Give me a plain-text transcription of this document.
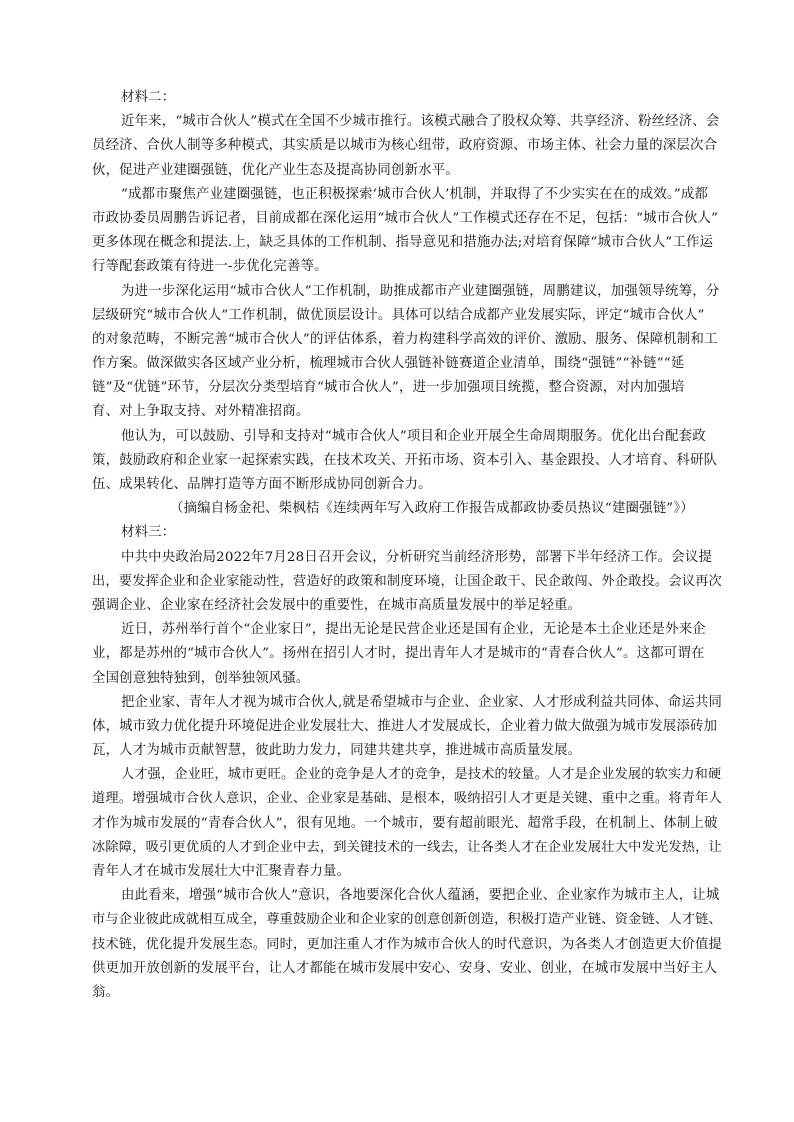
材料二：
近年来，“城市合伙人”模式在全国不少城市推行。该模式融合了股权众筹、共享经济、粉丝经济、会
员经济、合伙人制等多种模式，其实质是以城市为核心纽带，政府资源、市场主体、社会力量的深层次合
伙，促进产业建圈强链，优化产业生态及提高协同创新水平。
“成都市聚焦产业建圈强链，也正积极探索‘城市合伙人’机制，并取得了不少实实在在的成效。”成都
市政协委员周鹏告诉记者，目前成都在深化运用“城市合伙人”工作模式还存在不足，包括：“城市合伙人”
更多体现在概念和提法.上，缺乏具体的工作机制、指导意见和措施办法;对培育保障“城市合伙人”工作运
行等配套政策有待进一-步优化完善等。
为进一步深化运用“城市合伙人”工作机制，助推成都市产业建圈强链，周鹏建议，加强领导统筹，分
层级研究“城市合伙人”工作机制，做优顶层设计。具体可以结合成都产业发展实际，评定“城市合伙人”
的对象范畴，不断完善“城市合伙人”的评估体系，着力构建科学高效的评价、激励、服务、保障机制和工
作方案。做深做实各区域产业分析，梳理城市合伙人强链补链赛道企业清单，围绕“强链”“补链”“延
链”及“优链”环节，分层次分类型培育“城市合伙人”，进一步加强项目统揽，整合资源，对内加强培
育、对上争取支持、对外精准招商。
他认为，可以鼓励、引导和支持对“城市合伙人”项目和企业开展全生命周期服务。优化出台配套政
策，鼓励政府和企业家一起探索实践，在技术攻关、开拓市场、资本引入、基金跟投、人才培育、科研队
伍、成果转化、品牌打造等方面不断形成协同创新合力。
（摘编自杨金祀、柴枫桔《连续两年写入政府工作报告成都政协委员热议“建圈强链”》）
材料三：
中共中央政治局2022年7月28日召开会议，分析研究当前经济形势，部署下半年经济工作。会议提
出，要发挥企业和企业家能动性，营造好的政策和制度环境，让国企敢干、民企敢闯、外企敢投。会议再次
强调企业、企业家在经济社会发展中的重要性，在城市高质量发展中的举足轻重。
近日，苏州举行首个“企业家日”，提出无论是民营企业还是国有企业，无论是本土企业还是外来企
业，都是苏州的“城市合伙人”。扬州在招引人才时，提出青年人才是城市的“青春合伙人”。这都可谓在
全国创意独特独到，创举独领风骚。
把企业家、青年人才视为城市合伙人,就是希望城市与企业、企业家、人才形成利益共同体、命运共同
体，城市致力优化提升环境促进企业发展壮大、推进人才发展成长，企业着力做大做强为城市发展添砖加
瓦，人才为城市贡献智慧，彼此助力发力，同建共建共享，推进城市高质量发展。
人才强，企业旺，城市更旺。企业的竞争是人才的竞争，是技术的较量。人才是企业发展的软实力和硬
道理。增强城市合伙人意识，企业、企业家是基础、是根本，吸纳招引人才更是关键、重中之重。将青年人
才作为城市发展的“青春合伙人”，很有见地。一个城市，要有超前眼光、超常手段，在机制上、体制上破
冰除障，吸引更优质的人才到企业中去，到关键技术的一线去，让各类人才在企业发展壮大中发光发热，让
青年人才在城市发展壮大中汇聚青春力量。
由此看来，增强“城市合伙人”意识，各地要深化合伙人蕴涵，要把企业、企业家作为城市主人，让城
市与企业彼此成就相互成全，尊重鼓励企业和企业家的创意创新创造，积极打造产业链、资金链、人才链、
技术链，优化提升发展生态。同时，更加注重人才作为城市合伙人的时代意识，为各类人才创造更大价值提
供更加开放创新的发展平台，让人才都能在城市发展中安心、安身、安业、创业，在城市发展中当好主人
翁。
